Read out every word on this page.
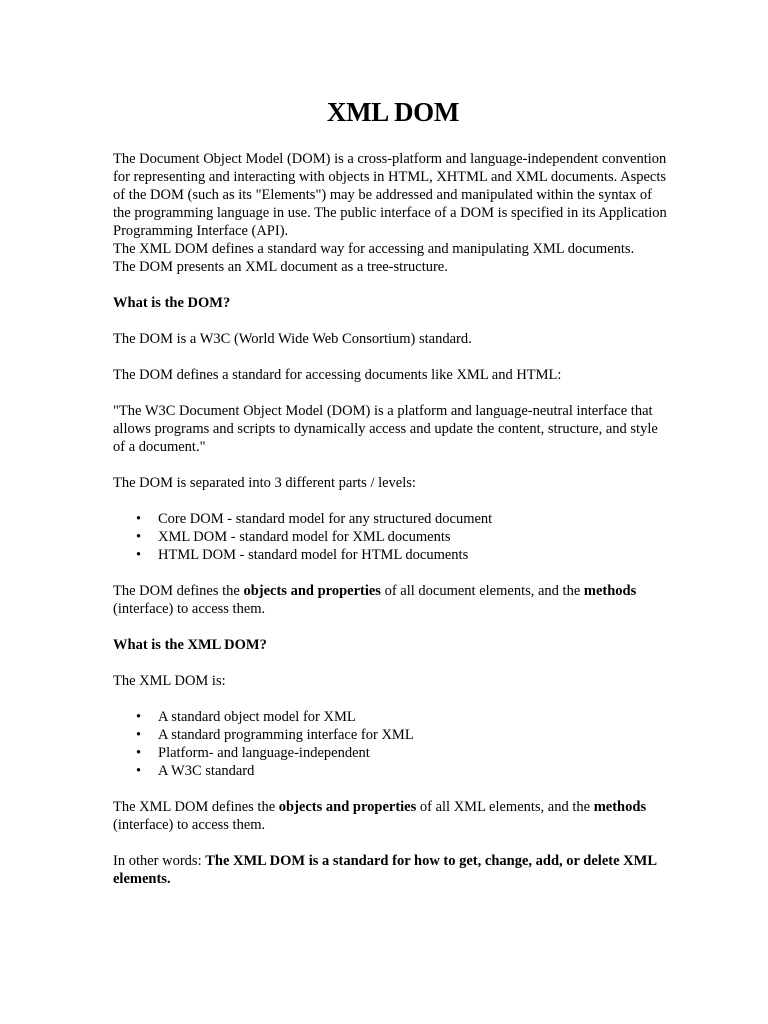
XML DOM

The Document Object Model (DOM) is a cross-platform and language-independent convention for representing and interacting with objects in HTML, XHTML and XML documents. Aspects of the DOM (such as its "Elements") may be addressed and manipulated within the syntax of the programming language in use. The public interface of a DOM is specified in its Application Programming Interface (API).

The XML DOM defines a standard way for accessing and manipulating XML documents.

The DOM presents an XML document as a tree-structure.

What is the DOM?

The DOM is a W3C (World Wide Web Consortium) standard.

The DOM defines a standard for accessing documents like XML and HTML:

"The W3C Document Object Model (DOM) is a platform and language-neutral interface that allows programs and scripts to dynamically access and update the content, structure, and style of a document."

The DOM is separated into 3 different parts / levels:

• Core DOM - standard model for any structured document
• XML DOM - standard model for XML documents
• HTML DOM - standard model for HTML documents

The DOM defines the objects and properties of all document elements, and the methods (interface) to access them.

What is the XML DOM?

The XML DOM is:

• A standard object model for XML
• A standard programming interface for XML
• Platform- and language-independent
• A W3C standard

The XML DOM defines the objects and properties of all XML elements, and the methods (interface) to access them.

In other words: The XML DOM is a standard for how to get, change, add, or delete XML elements.
